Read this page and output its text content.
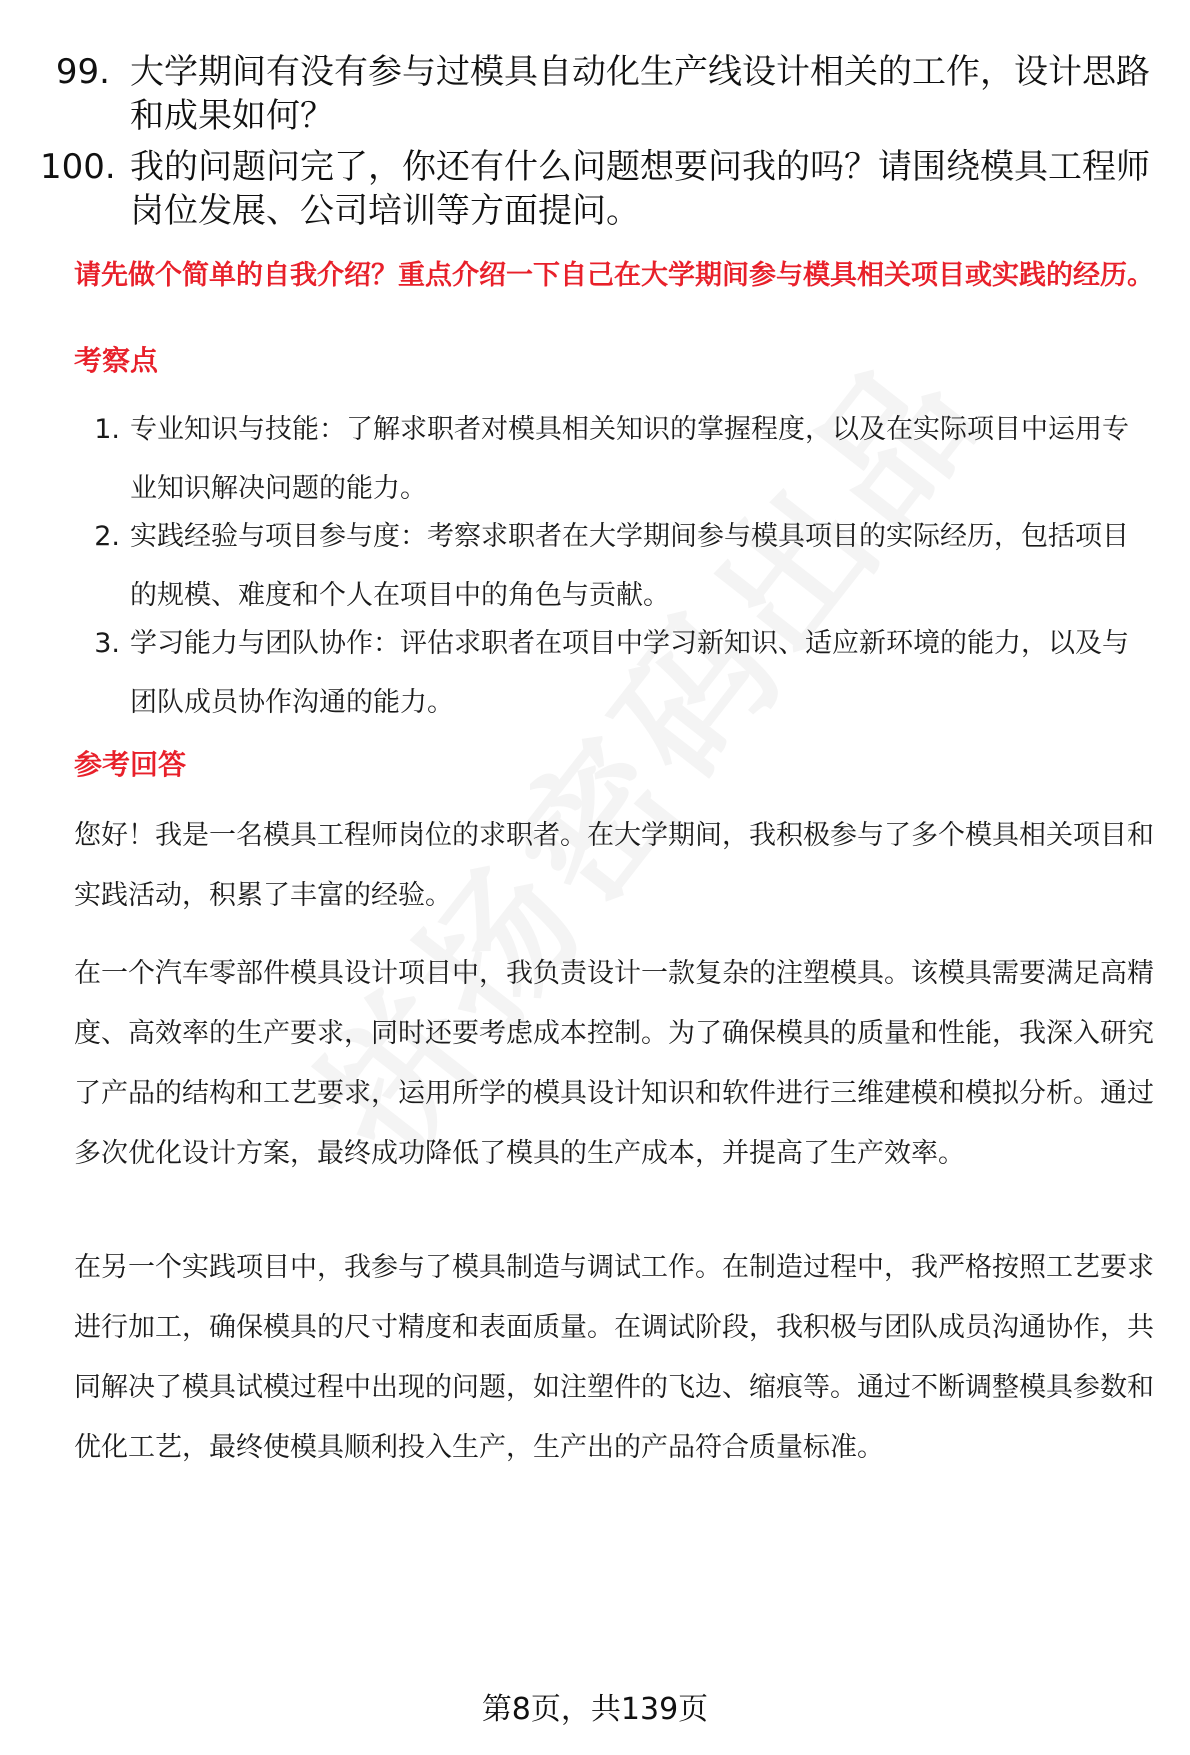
99. 大学期间有没有参与过模具自动化生产线设计相关的工作，设计思路和成果如何？
100. 我的问题问完了，你还有什么问题想要问我的吗？请围绕模具工程师岗位发展、公司培训等方面提问。
请先做个简单的自我介绍？重点介绍一下自己在大学期间参与模具相关项目或实践的经历。
考察点
1. 专业知识与技能：了解求职者对模具相关知识的掌握程度，以及在实际项目中运用专业知识解决问题的能力。
2. 实践经验与项目参与度：考察求职者在大学期间参与模具项目的实际经历，包括项目的规模、难度和个人在项目中的角色与贡献。
3. 学习能力与团队协作：评估求职者在项目中学习新知识、适应新环境的能力，以及与团队成员协作沟通的能力。
参考回答
您好！我是一名模具工程师岗位的求职者。在大学期间，我积极参与了多个模具相关项目和实践活动，积累了丰富的经验。
在一个汽车零部件模具设计项目中，我负责设计一款复杂的注塑模具。该模具需要满足高精度、高效率的生产要求，同时还要考虑成本控制。为了确保模具的质量和性能，我深入研究了产品的结构和工艺要求，运用所学的模具设计知识和软件进行三维建模和模拟分析。通过多次优化设计方案，最终成功降低了模具的生产成本，并提高了生产效率。
在另一个实践项目中，我参与了模具制造与调试工作。在制造过程中，我严格按照工艺要求进行加工，确保模具的尺寸精度和表面质量。在调试阶段，我积极与团队成员沟通协作，共同解决了模具试模过程中出现的问题，如注塑件的飞边、缩痕等。通过不断调整模具参数和优化工艺，最终使模具顺利投入生产，生产出的产品符合质量标准。
第8页，共139页
